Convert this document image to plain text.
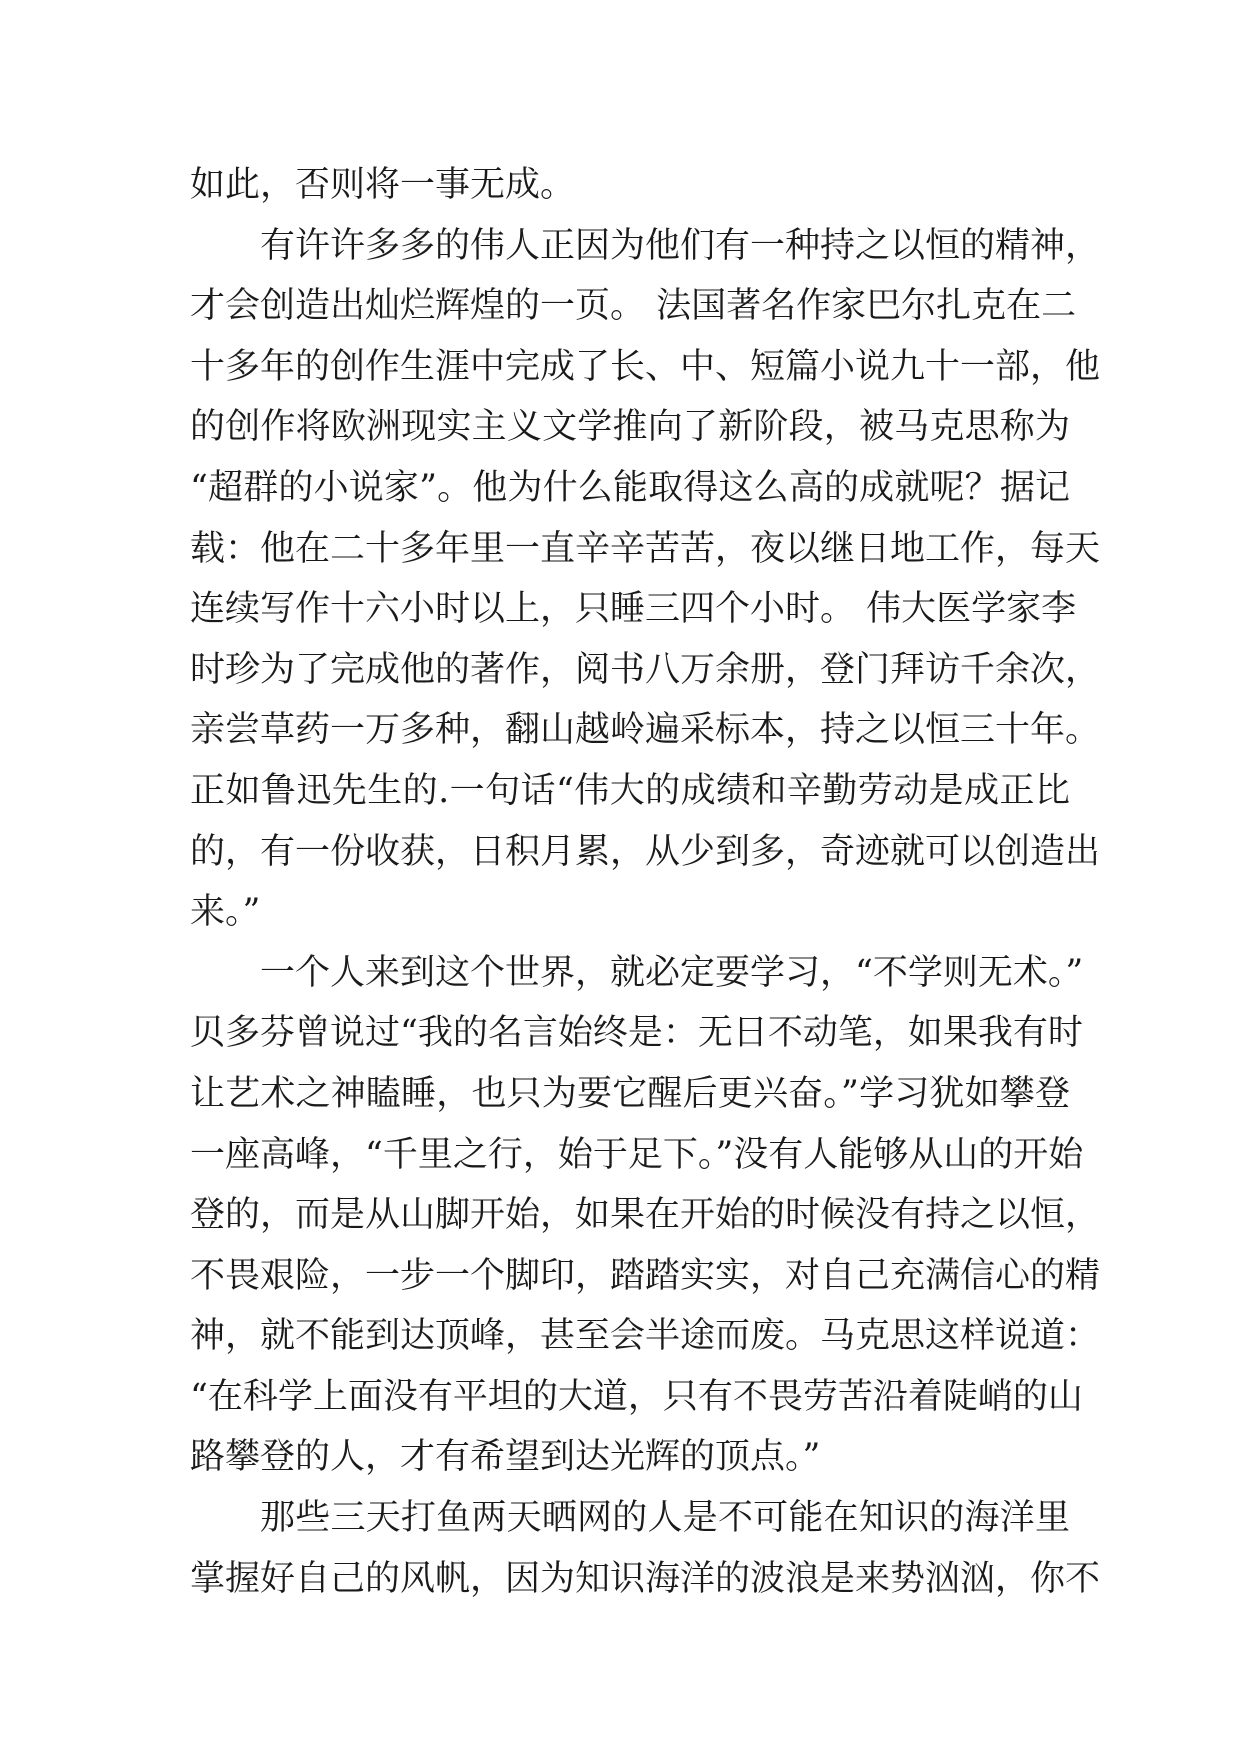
如此，否则将一事无成。

有许许多多的伟人正因为他们有一种持之以恒的精神，

才会创造出灿烂辉煌的一页。 法国著名作家巴尔扎克在二

十多年的创作生涯中完成了长、中、短篇小说九十一部，他

的创作将欧洲现实主义文学推向了新阶段，被马克思称为

“超群的小说家”。他为什么能取得这么高的成就呢？据记

载：他在二十多年里一直辛辛苦苦，夜以继日地工作，每天

连续写作十六小时以上，只睡三四个小时。 伟大医学家李

时珍为了完成他的著作，阅书八万余册，登门拜访千余次，

亲尝草药一万多种，翻山越岭遍采标本，持之以恒三十年。

正如鲁迅先生的.一句话“伟大的成绩和辛勤劳动是成正比

的，有一份收获，日积月累，从少到多，奇迹就可以创造出

来。”

一个人来到这个世界，就必定要学习，“不学则无术。”

贝多芬曾说过“我的名言始终是：无日不动笔，如果我有时

让艺术之神瞌睡，也只为要它醒后更兴奋。”学习犹如攀登

一座高峰，“千里之行，始于足下。”没有人能够从山的开始

登的，而是从山脚开始，如果在开始的时候没有持之以恒，

不畏艰险，一步一个脚印，踏踏实实，对自己充满信心的精

神，就不能到达顶峰，甚至会半途而废。马克思这样说道：

“在科学上面没有平坦的大道，只有不畏劳苦沿着陡峭的山

路攀登的人，才有希望到达光辉的顶点。”

那些三天打鱼两天晒网的人是不可能在知识的海洋里

掌握好自己的风帆，因为知识海洋的波浪是来势汹汹，你不
